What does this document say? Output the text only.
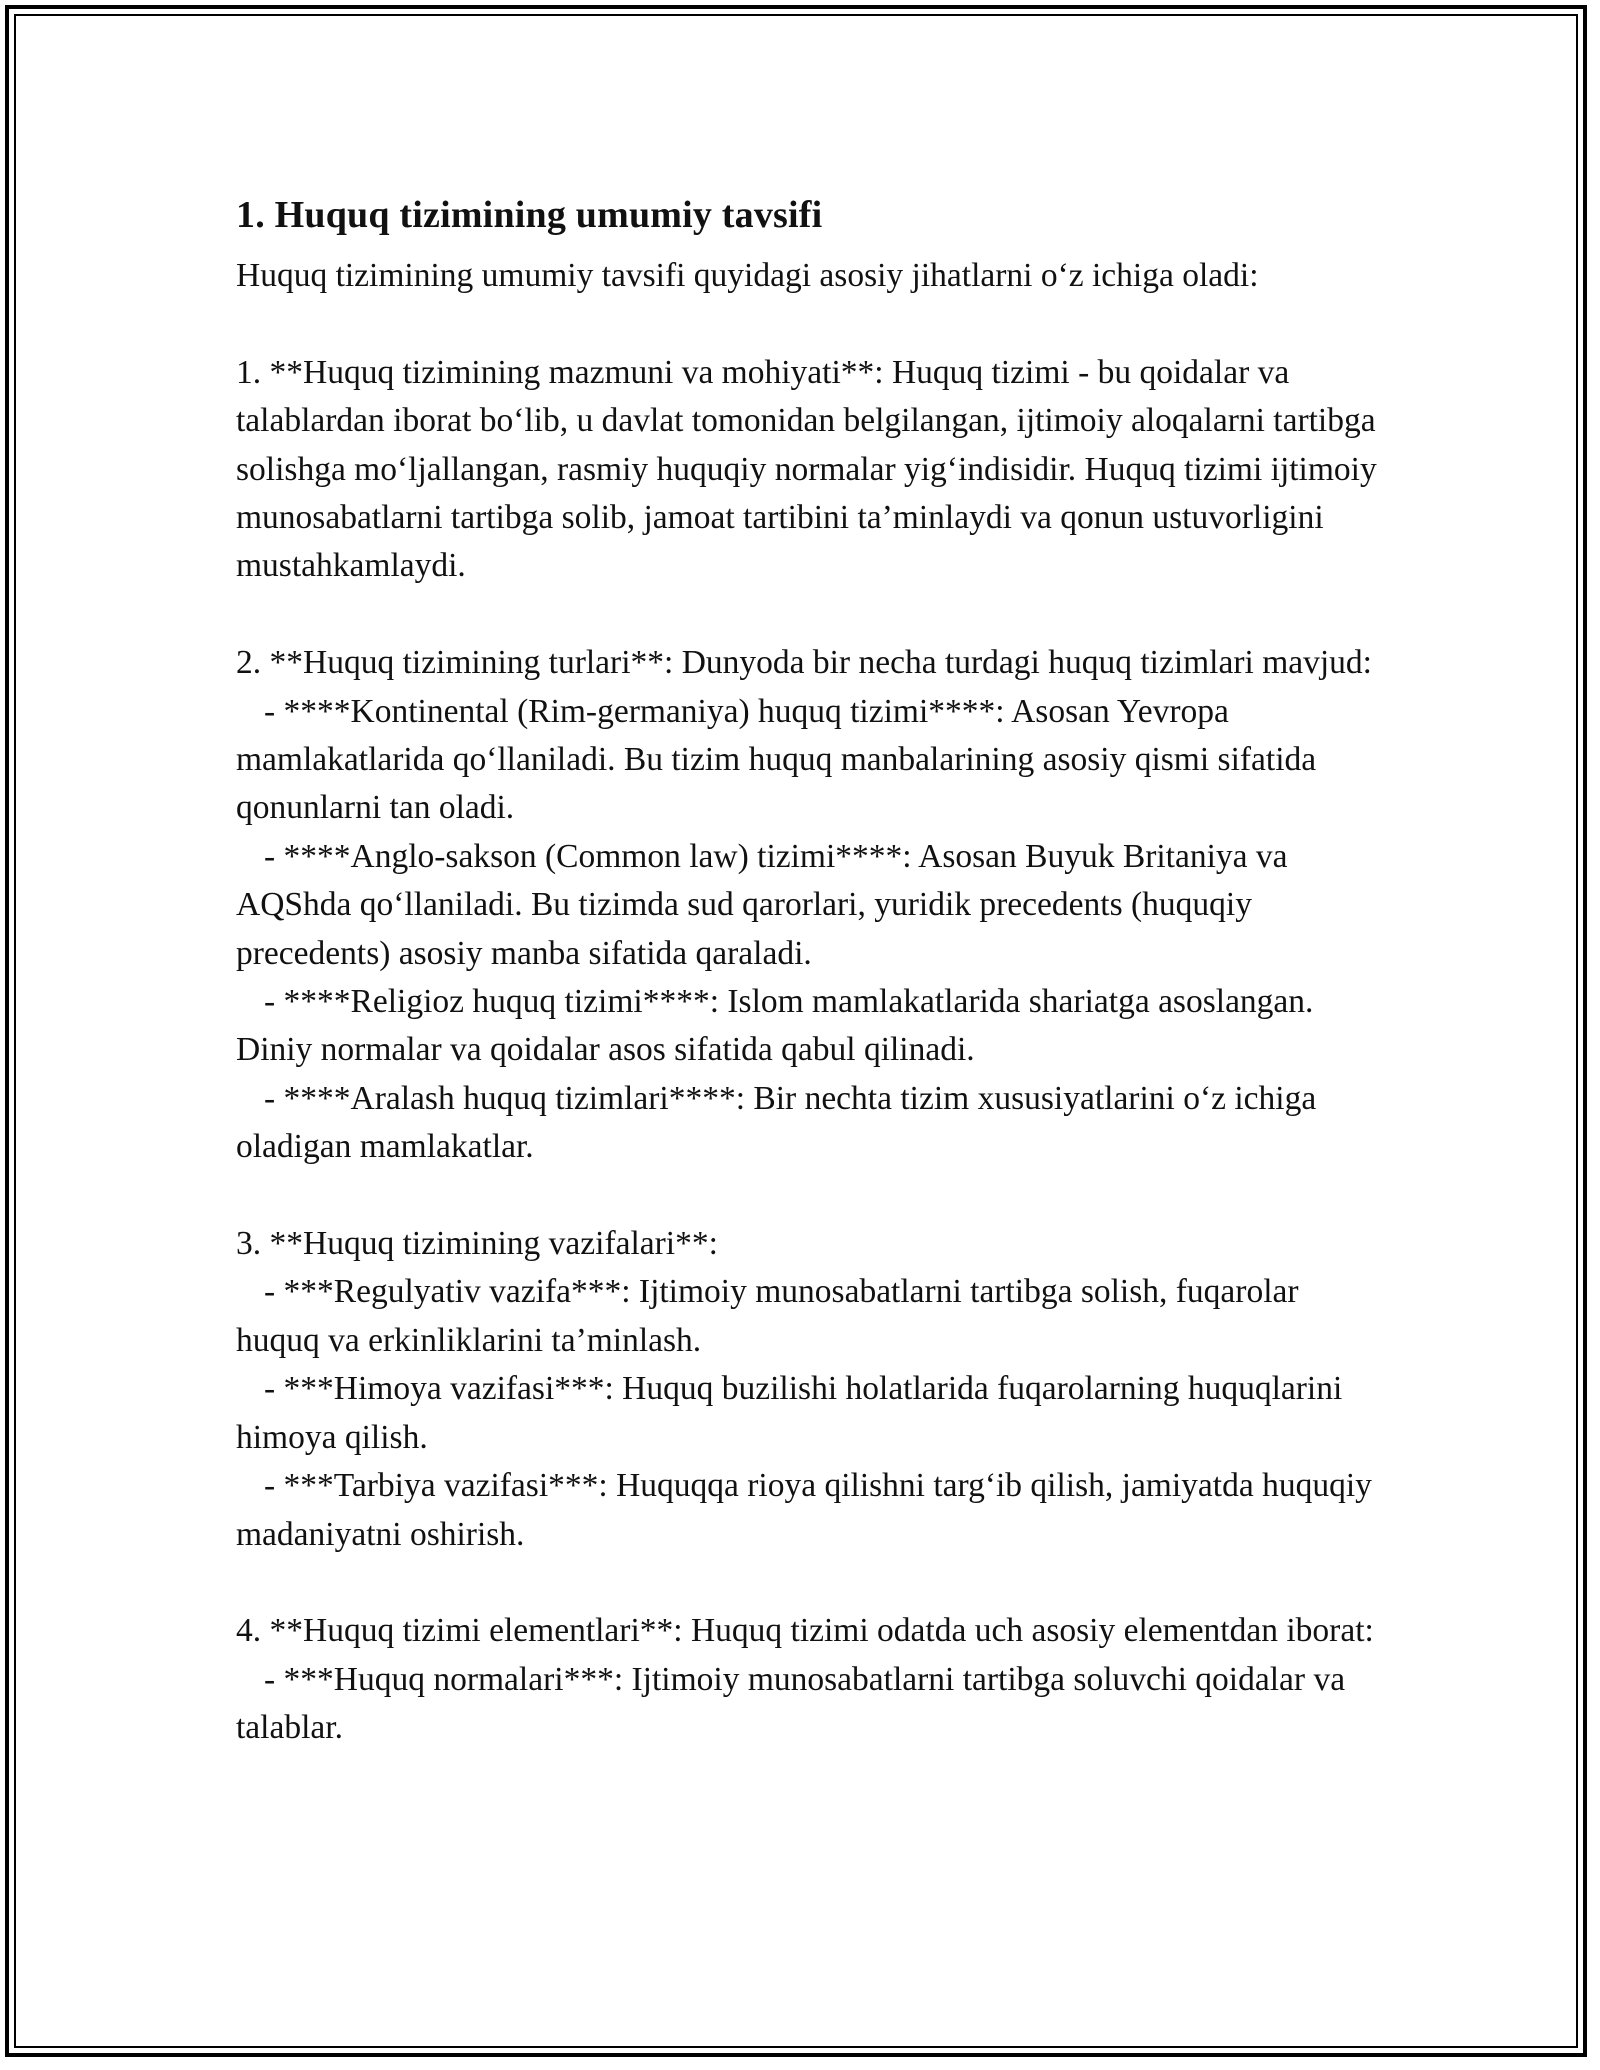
1. Huquq tizimining umumiy tavsifi

Huquq tizimining umumiy tavsifi quyidagi asosiy jihatlarni o‘z ichiga oladi:

1. **Huquq tizimining mazmuni va mohiyati**: Huquq tizimi - bu qoidalar va talablardan iborat bo‘lib, u davlat tomonidan belgilangan, ijtimoiy aloqalarni tartibga solishga mo‘ljallangan, rasmiy huquqiy normalar yig‘indisidir. Huquq tizimi ijtimoiy munosabatlarni tartibga solib, jamoat tartibini ta’minlaydi va qonun ustuvorligini mustahkamlaydi.

2. **Huquq tizimining turlari**: Dunyoda bir necha turdagi huquq tizimlari mavjud:

- ****Kontinental (Rim-germaniya) huquq tizimi****: Asosan Yevropa mamlakatlarida qo‘llaniladi. Bu tizim huquq manbalarining asosiy qismi sifatida qonunlarni tan oladi.

- ****Anglo-sakson (Common law) tizimi****: Asosan Buyuk Britaniya va AQShda qo‘llaniladi. Bu tizimda sud qarorlari, yuridik precedents (huquqiy precedents) asosiy manba sifatida qaraladi.

- ****Religioz huquq tizimi****: Islom mamlakatlarida shariatga asoslangan. Diniy normalar va qoidalar asos sifatida qabul qilinadi.

- ****Aralash huquq tizimlari****: Bir nechta tizim xususiyatlarini o‘z ichiga oladigan mamlakatlar.

3. **Huquq tizimining vazifalari**:

- ***Regulyativ vazifa***: Ijtimoiy munosabatlarni tartibga solish, fuqarolar huquq va erkinliklarini ta’minlash.

- ***Himoya vazifasi***: Huquq buzilishi holatlarida fuqarolarning huquqlarini himoya qilish.

- ***Tarbiya vazifasi***: Huquqqa rioya qilishni targ‘ib qilish, jamiyatda huquqiy madaniyatni oshirish.

4. **Huquq tizimi elementlari**: Huquq tizimi odatda uch asosiy elementdan iborat:

- ***Huquq normalari***: Ijtimoiy munosabatlarni tartibga soluvchi qoidalar va talablar.
